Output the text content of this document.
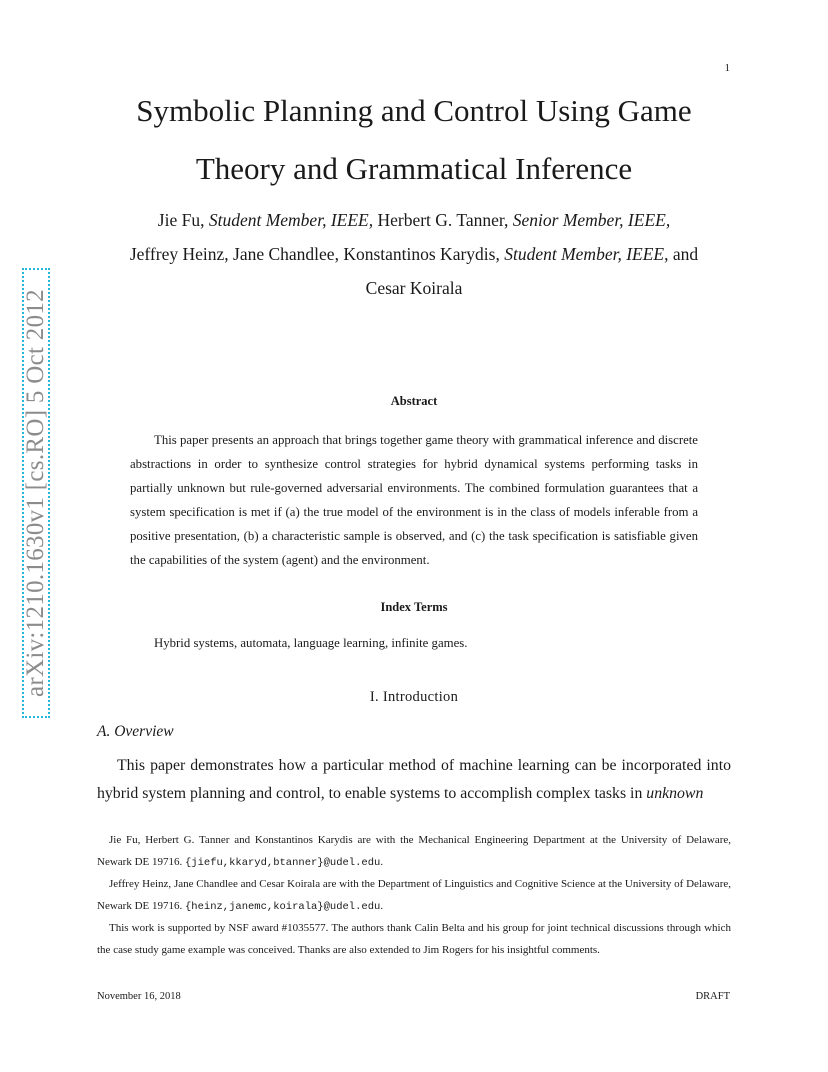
1
Symbolic Planning and Control Using Game
Theory and Grammatical Inference
Jie Fu, Student Member, IEEE, Herbert G. Tanner, Senior Member, IEEE,
Jeffrey Heinz, Jane Chandlee, Konstantinos Karydis, Student Member, IEEE, and
Cesar Koirala
arXiv:1210.1630v1 [cs.RO] 5 Oct 2012	Abstract
This paper presents an approach that brings together game theory with grammatical inference and discrete abstractions in order to synthesize control strategies for hybrid dynamical systems performing tasks in partially unknown but rule-governed adversarial environments. The combined formulation guarantees that a system specification is met if (a) the true model of the environment is in the class of models inferable from a positive presentation, (b) a characteristic sample is observed, and (c) the task specification is satisfiable given the capabilities of the system (agent) and the environment.
Index Terms
Hybrid systems, automata, language learning, infinite games.
I. Introduction
A. Overview
This paper demonstrates how a particular method of machine learning can be incorporated into hybrid system planning and control, to enable systems to accomplish complex tasks in unknown

Jie Fu, Herbert G. Tanner and Konstantinos Karydis are with the Mechanical Engineering Department at the University of Delaware, Newark DE 19716. {jiefu,kkaryd,btanner}@udel.edu.

Jeffrey Heinz, Jane Chandlee and Cesar Koirala are with the Department of Linguistics and Cognitive Science at the University of Delaware, Newark DE 19716. {heinz,janemc,koirala}@udel.edu.

This work is supported by NSF award #1035577. The authors thank Calin Belta and his group for joint technical discussions through which the case study game example was conceived. Thanks are also extended to Jim Rogers for his insightful comments.

November 16, 2018	DRAFT
